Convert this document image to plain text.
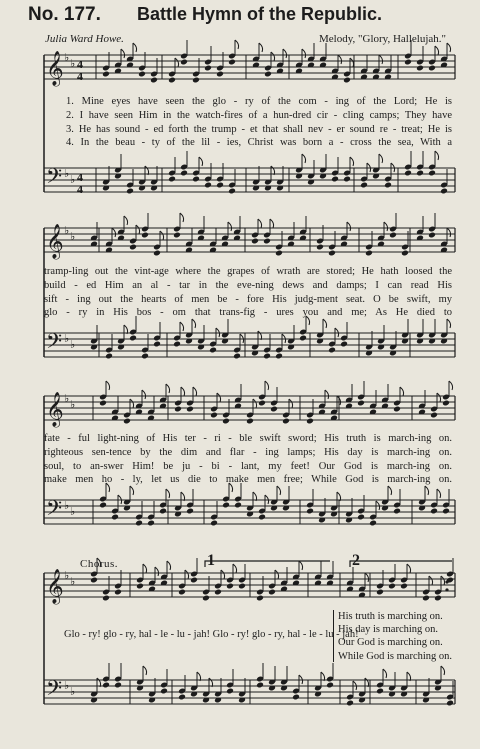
𝄞
𝄢
♭ ♭
♭ ♭
4
4
4
4
𝄞
𝄢
♭ ♭
♭ ♭
𝄞
𝄢
♭ ♭
♭ ♭
𝄞
𝄢
♭ ♭
♭ ♭
No. 177. Battle Hymn of the Republic.
Julia Ward Howe.	Melody, "Glory, Hallelujah."
1. Mine eyes have seen the glo - ry of the com - ing of the Lord; He is
2. I have seen Him in the watch-fires of a hun-dred cir - cling camps; They have
3. He has sound - ed forth the trump - et that shall nev - er sound re - treat; He is
4. In the beau - ty of the lil - ies, Christ was born a - cross the sea, With a
tramp-ling out the vint-age where the grapes of wrath are stored; He hath loosed the
build - ed Him an al - tar in the eve-ning dews and damps; I can read His
sift - ing out the hearts of men be - fore His judg-ment seat. O be swift, my
glo - ry in His bos - om that trans-fig - ures you and me; As He died to
fate - ful light-ning of His ter - ri - ble swift sword; His truth is march-ing on.
righteous sen-tence by the dim and flar - ing lamps; His day is march-ing on.
soul, to an-swer Him! be ju - bi - lant, my feet! Our God is march-ing on.
make men ho - ly, let us die to make men free; While God is march-ing on.
Chorus.	1	2
Glo - ry! glo - ry, hal - le - lu - jah! Glo - ry! glo - ry, hal - le - lu - jah!
His truth is marching on.
His day is marching on.
Our God is marching on.
While God is marching on.
